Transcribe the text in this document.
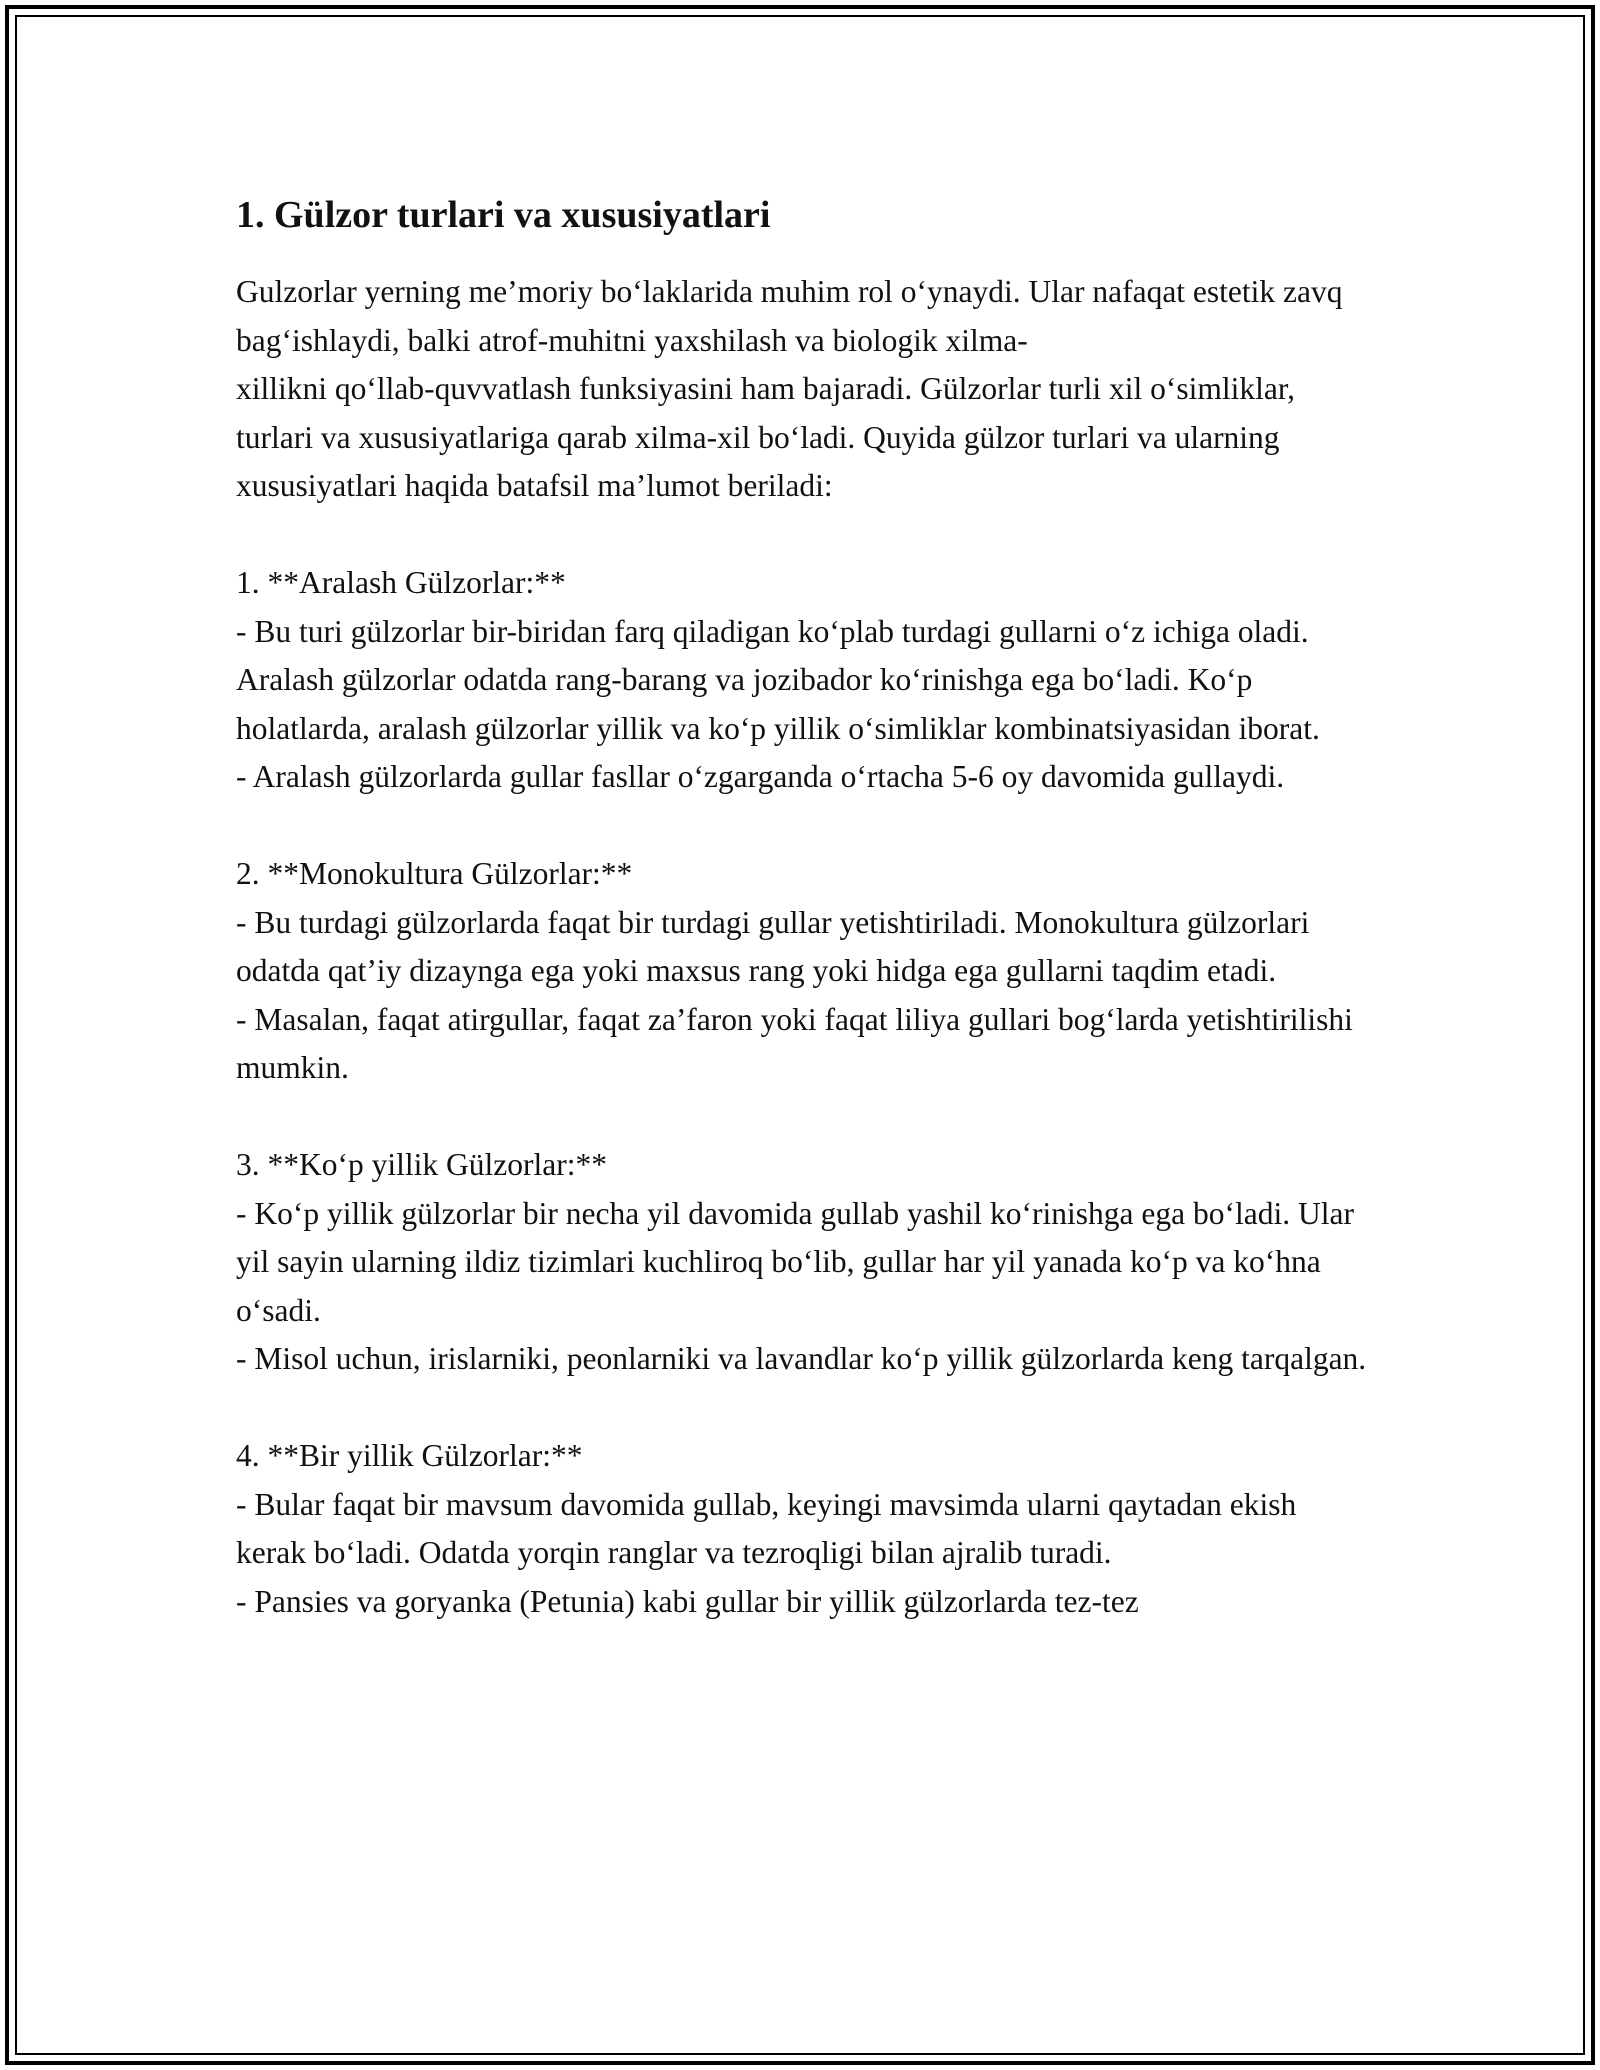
1. Gülzor turlari va xususiyatlari

Gulzorlar yerning me’moriy bo‘laklarida muhim rol o‘ynaydi. Ular nafaqat estetik zavq bag‘ishlaydi, balki atrof-muhitni yaxshilash va biologik xilma-
xillikni qo‘llab-quvvatlash funksiyasini ham bajaradi. Gülzorlar turli xil o‘simliklar, turlari va xususiyatlariga qarab xilma-xil bo‘ladi. Quyida gülzor turlari va ularning xususiyatlari haqida batafsil ma’lumot beriladi:

1. **Aralash Gülzorlar:**
- Bu turi gülzorlar bir-biridan farq qiladigan ko‘plab turdagi gullarni o‘z ichiga oladi. Aralash gülzorlar odatda rang-barang va jozibador ko‘rinishga ega bo‘ladi. Ko‘p holatlarda, aralash gülzorlar yillik va ko‘p yillik o‘simliklar kombinatsiyasidan iborat.
- Aralash gülzorlarda gullar fasllar o‘zgarganda o‘rtacha 5-6 oy davomida gullaydi.

2. **Monokultura Gülzorlar:**
- Bu turdagi gülzorlarda faqat bir turdagi gullar yetishtiriladi. Monokultura gülzorlari odatda qat’iy dizaynga ega yoki maxsus rang yoki hidga ega gullarni taqdim etadi.
- Masalan, faqat atirgullar, faqat za’faron yoki faqat liliya gullari bog‘larda yetishtirilishi mumkin.

3. **Ko‘p yillik Gülzorlar:**
- Ko‘p yillik gülzorlar bir necha yil davomida gullab yashil ko‘rinishga ega bo‘ladi. Ular yil sayin ularning ildiz tizimlari kuchliroq bo‘lib, gullar har yil yanada ko‘p va ko‘hna o‘sadi.
- Misol uchun, irislarniki, peonlarniki va lavandlar ko‘p yillik gülzorlarda keng tarqalgan.

4. **Bir yillik Gülzorlar:**
- Bular faqat bir mavsum davomida gullab, keyingi mavsimda ularni qaytadan ekish kerak bo‘ladi. Odatda yorqin ranglar va tezroqligi bilan ajralib turadi.
- Pansies va goryanka (Petunia) kabi gullar bir yillik gülzorlarda tez-tez
